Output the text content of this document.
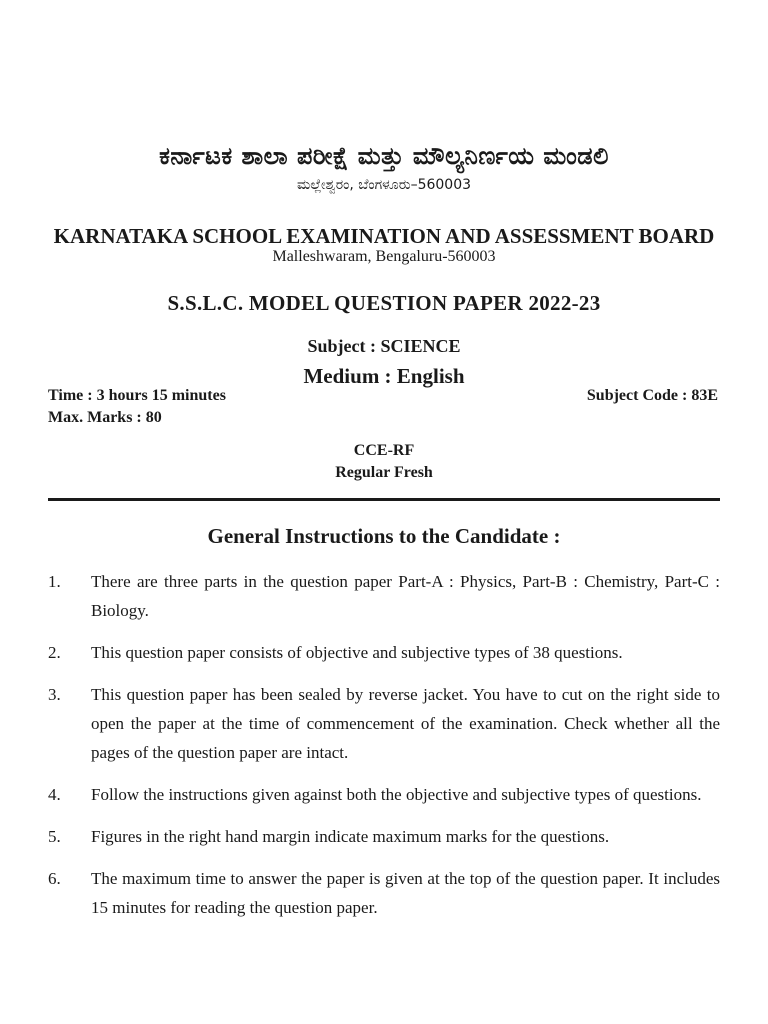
ಕರ್ನಾಟಕ ಶಾಲಾ ಪರೀಕ್ಷೆ ಮತ್ತು ಮೌಲ್ಯನಿರ್ಣಯ ಮಂಡಲಿ
ಮಲ್ಲೇಶ್ವರಂ, ಬೆಂಗಳೂರು–560003
KARNATAKA SCHOOL EXAMINATION AND ASSESSMENT BOARD
Malleshwaram, Bengaluru-560003
S.S.L.C. MODEL QUESTION PAPER 2022-23
Subject : SCIENCE
Medium : English
Time : 3 hours 15 minutes
Max. Marks : 80
Subject Code : 83E
CCE-RF
Regular Fresh
General Instructions to the Candidate :
1. There are three parts in the question paper Part-A : Physics, Part-B : Chemistry, Part-C : Biology.
2. This question paper consists of objective and subjective types of 38 questions.
3. This question paper has been sealed by reverse jacket. You have to cut on the right side to open the paper at the time of commencement of the examination. Check whether all the pages of the question paper are intact.
4. Follow the instructions given against both the objective and subjective types of questions.
5. Figures in the right hand margin indicate maximum marks for the questions.
6. The maximum time to answer the paper is given at the top of the question paper. It includes 15 minutes for reading the question paper.
